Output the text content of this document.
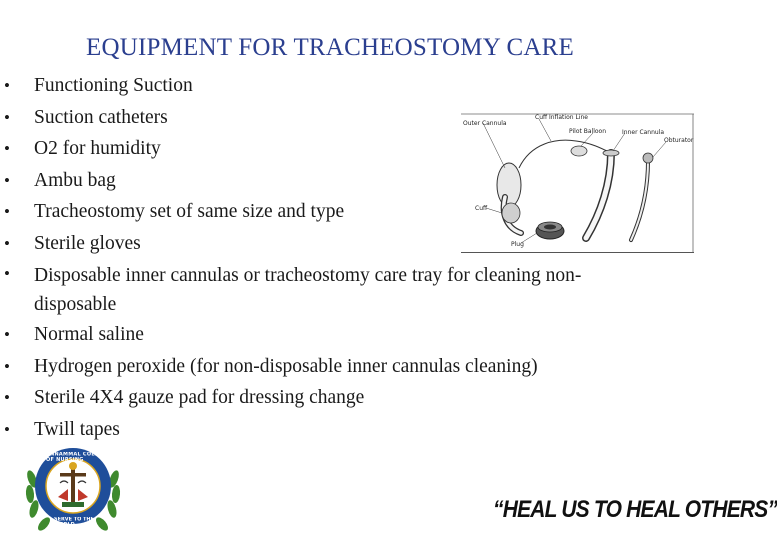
EQUIPMENT FOR TRACHEOSTOMY CARE
• Functioning Suction
• Suction catheters
• O2 for humidity
• Ambu bag
• Tracheostomy set of same size and type
• Sterile gloves
• Disposable inner cannulas or tracheostomy care tray for cleaning non-disposable
• Normal saline
• Hydrogen peroxide (for non-disposable inner cannulas cleaning)
• Sterile 4X4 gauze pad for dressing change
• Twill tapes
Outer Cannula
Cuff Inflation Line
Pilot Balloon	Inner Cannula
Obturator
Cuff
Plug
ANNAMMAL COLLEGE OF NURSING
SERVE TO THE WORLD
“HEAL US TO HEAL OTHERS”
